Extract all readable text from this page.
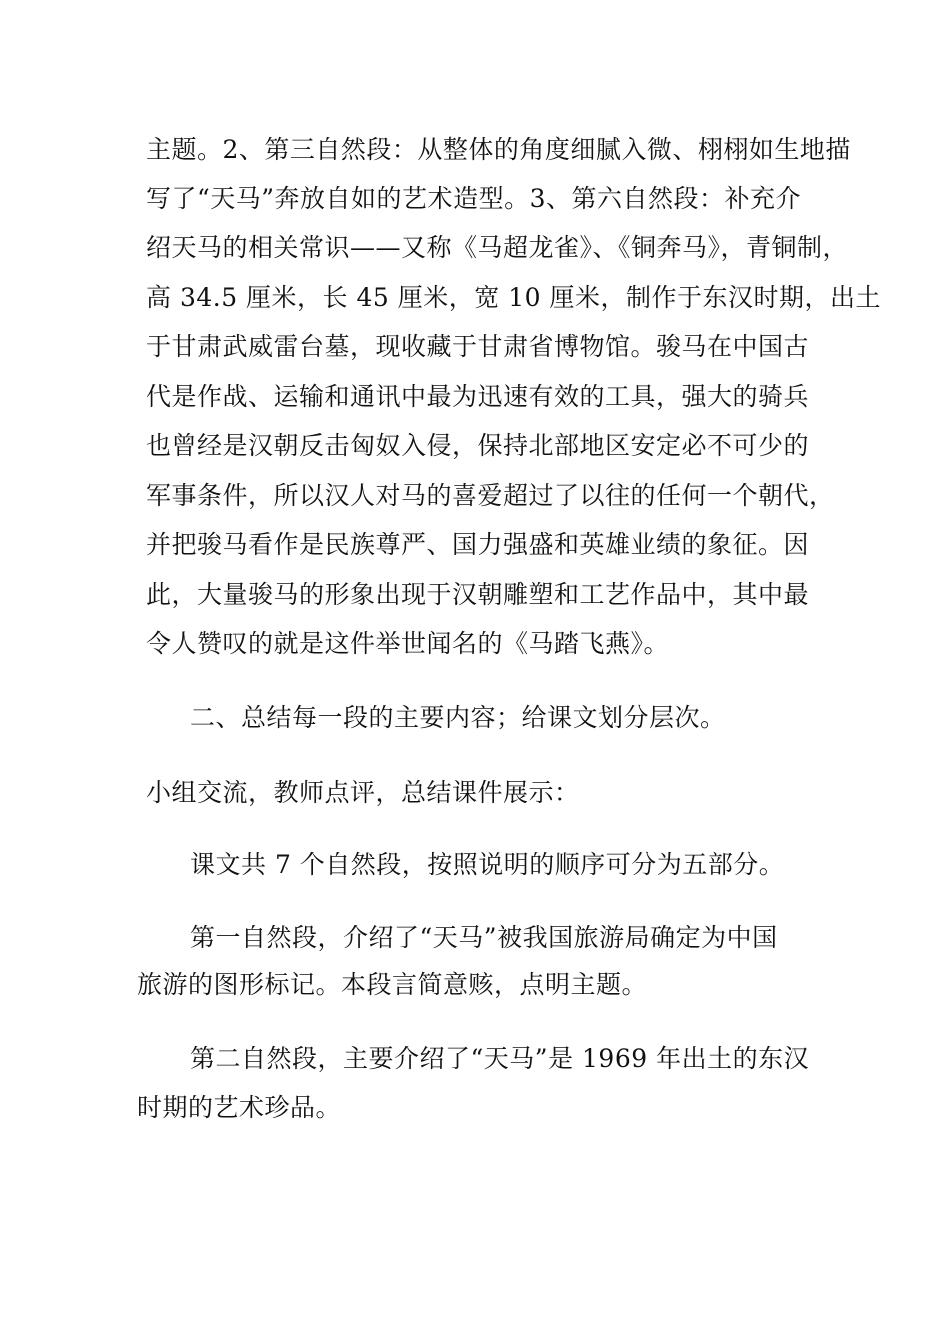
主题。2、第三自然段：从整体的角度细腻入微、栩栩如生地描
写了“天马”奔放自如的艺术造型。3、第六自然段：补充介
绍天马的相关常识——又称《马超龙雀》、《铜奔马》，青铜制，
高 34.5 厘米，长 45 厘米，宽 10 厘米，制作于东汉时期，出土
于甘肃武威雷台墓，现收藏于甘肃省博物馆。骏马在中国古
代是作战、运输和通讯中最为迅速有效的工具，强大的骑兵
也曾经是汉朝反击匈奴入侵，保持北部地区安定必不可少的
军事条件，所以汉人对马的喜爱超过了以往的任何一个朝代，
并把骏马看作是民族尊严、国力强盛和英雄业绩的象征。因
此，大量骏马的形象出现于汉朝雕塑和工艺作品中，其中最
令人赞叹的就是这件举世闻名的《马踏飞燕》。
二、总结每一段的主要内容；给课文划分层次。
小组交流，教师点评，总结课件展示：
课文共 7 个自然段，按照说明的顺序可分为五部分。
第一自然段，介绍了“天马”被我国旅游局确定为中国
旅游的图形标记。本段言简意赅，点明主题。
第二自然段，主要介绍了“天马”是 1969 年出土的东汉
时期的艺术珍品。
